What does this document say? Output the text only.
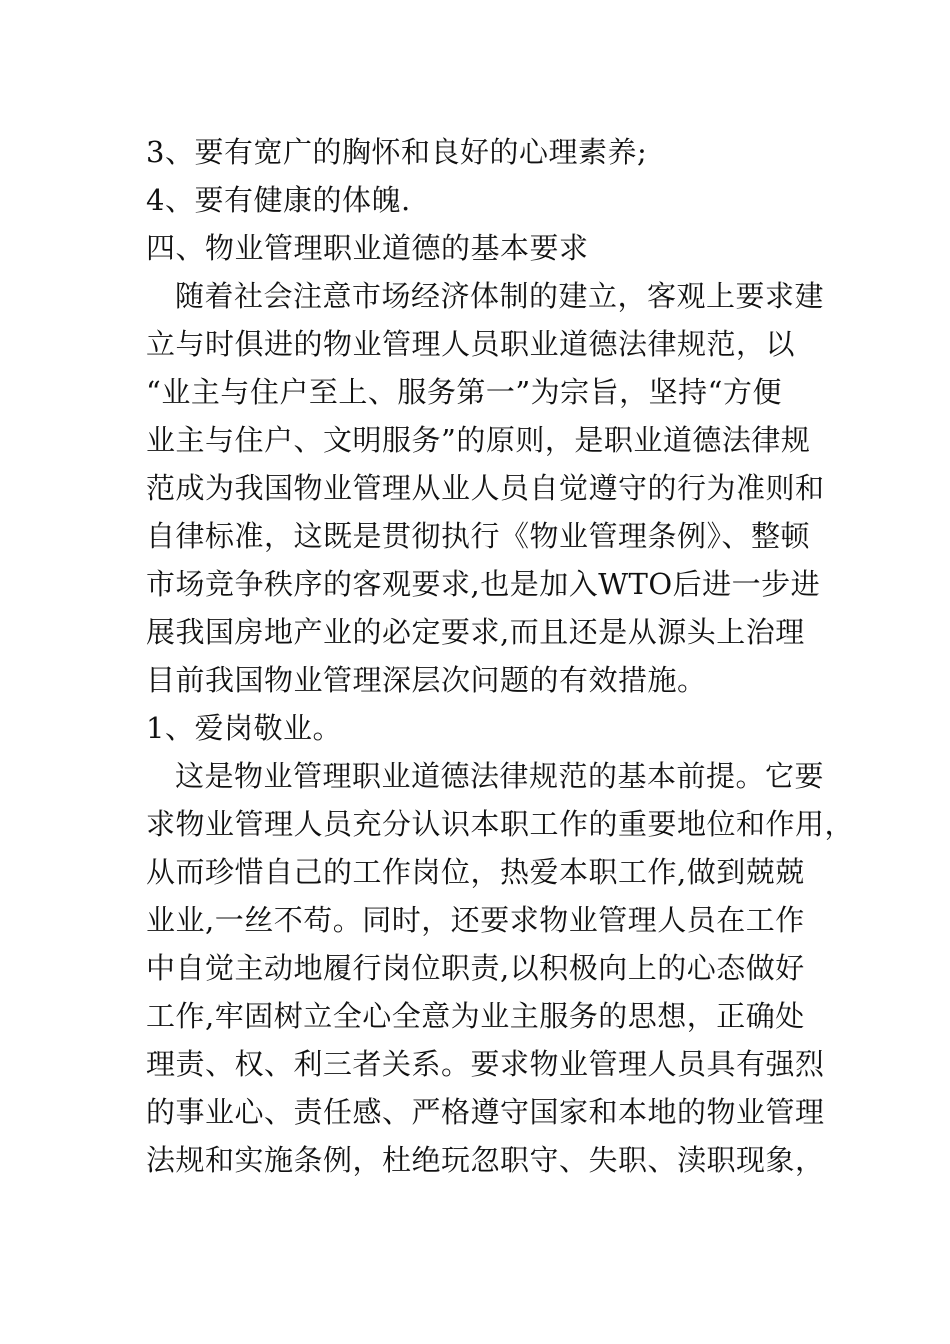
3、要有宽广的胸怀和良好的心理素养;
4、要有健康的体魄.
四、物业管理职业道德的基本要求
随着社会注意市场经济体制的建立，客观上要求建
立与时俱进的物业管理人员职业道德法律规范，以
“业主与住户至上、服务第一”为宗旨，坚持“方便
业主与住户、文明服务”的原则，是职业道德法律规
范成为我国物业管理从业人员自觉遵守的行为准则和
自律标准，这既是贯彻执行《物业管理条例》、整顿
市场竞争秩序的客观要求,也是加入WTO后进一步进
展我国房地产业的必定要求,而且还是从源头上治理
目前我国物业管理深层次问题的有效措施。
1、爱岗敬业。
这是物业管理职业道德法律规范的基本前提。它要
求物业管理人员充分认识本职工作的重要地位和作用，
从而珍惜自己的工作岗位，热爱本职工作,做到兢兢
业业,一丝不苟。同时，还要求物业管理人员在工作
中自觉主动地履行岗位职责,以积极向上的心态做好
工作,牢固树立全心全意为业主服务的思想，正确处
理责、权、利三者关系。要求物业管理人员具有强烈
的事业心、责任感、严格遵守国家和本地的物业管理
法规和实施条例，杜绝玩忽职守、失职、渎职现象，
